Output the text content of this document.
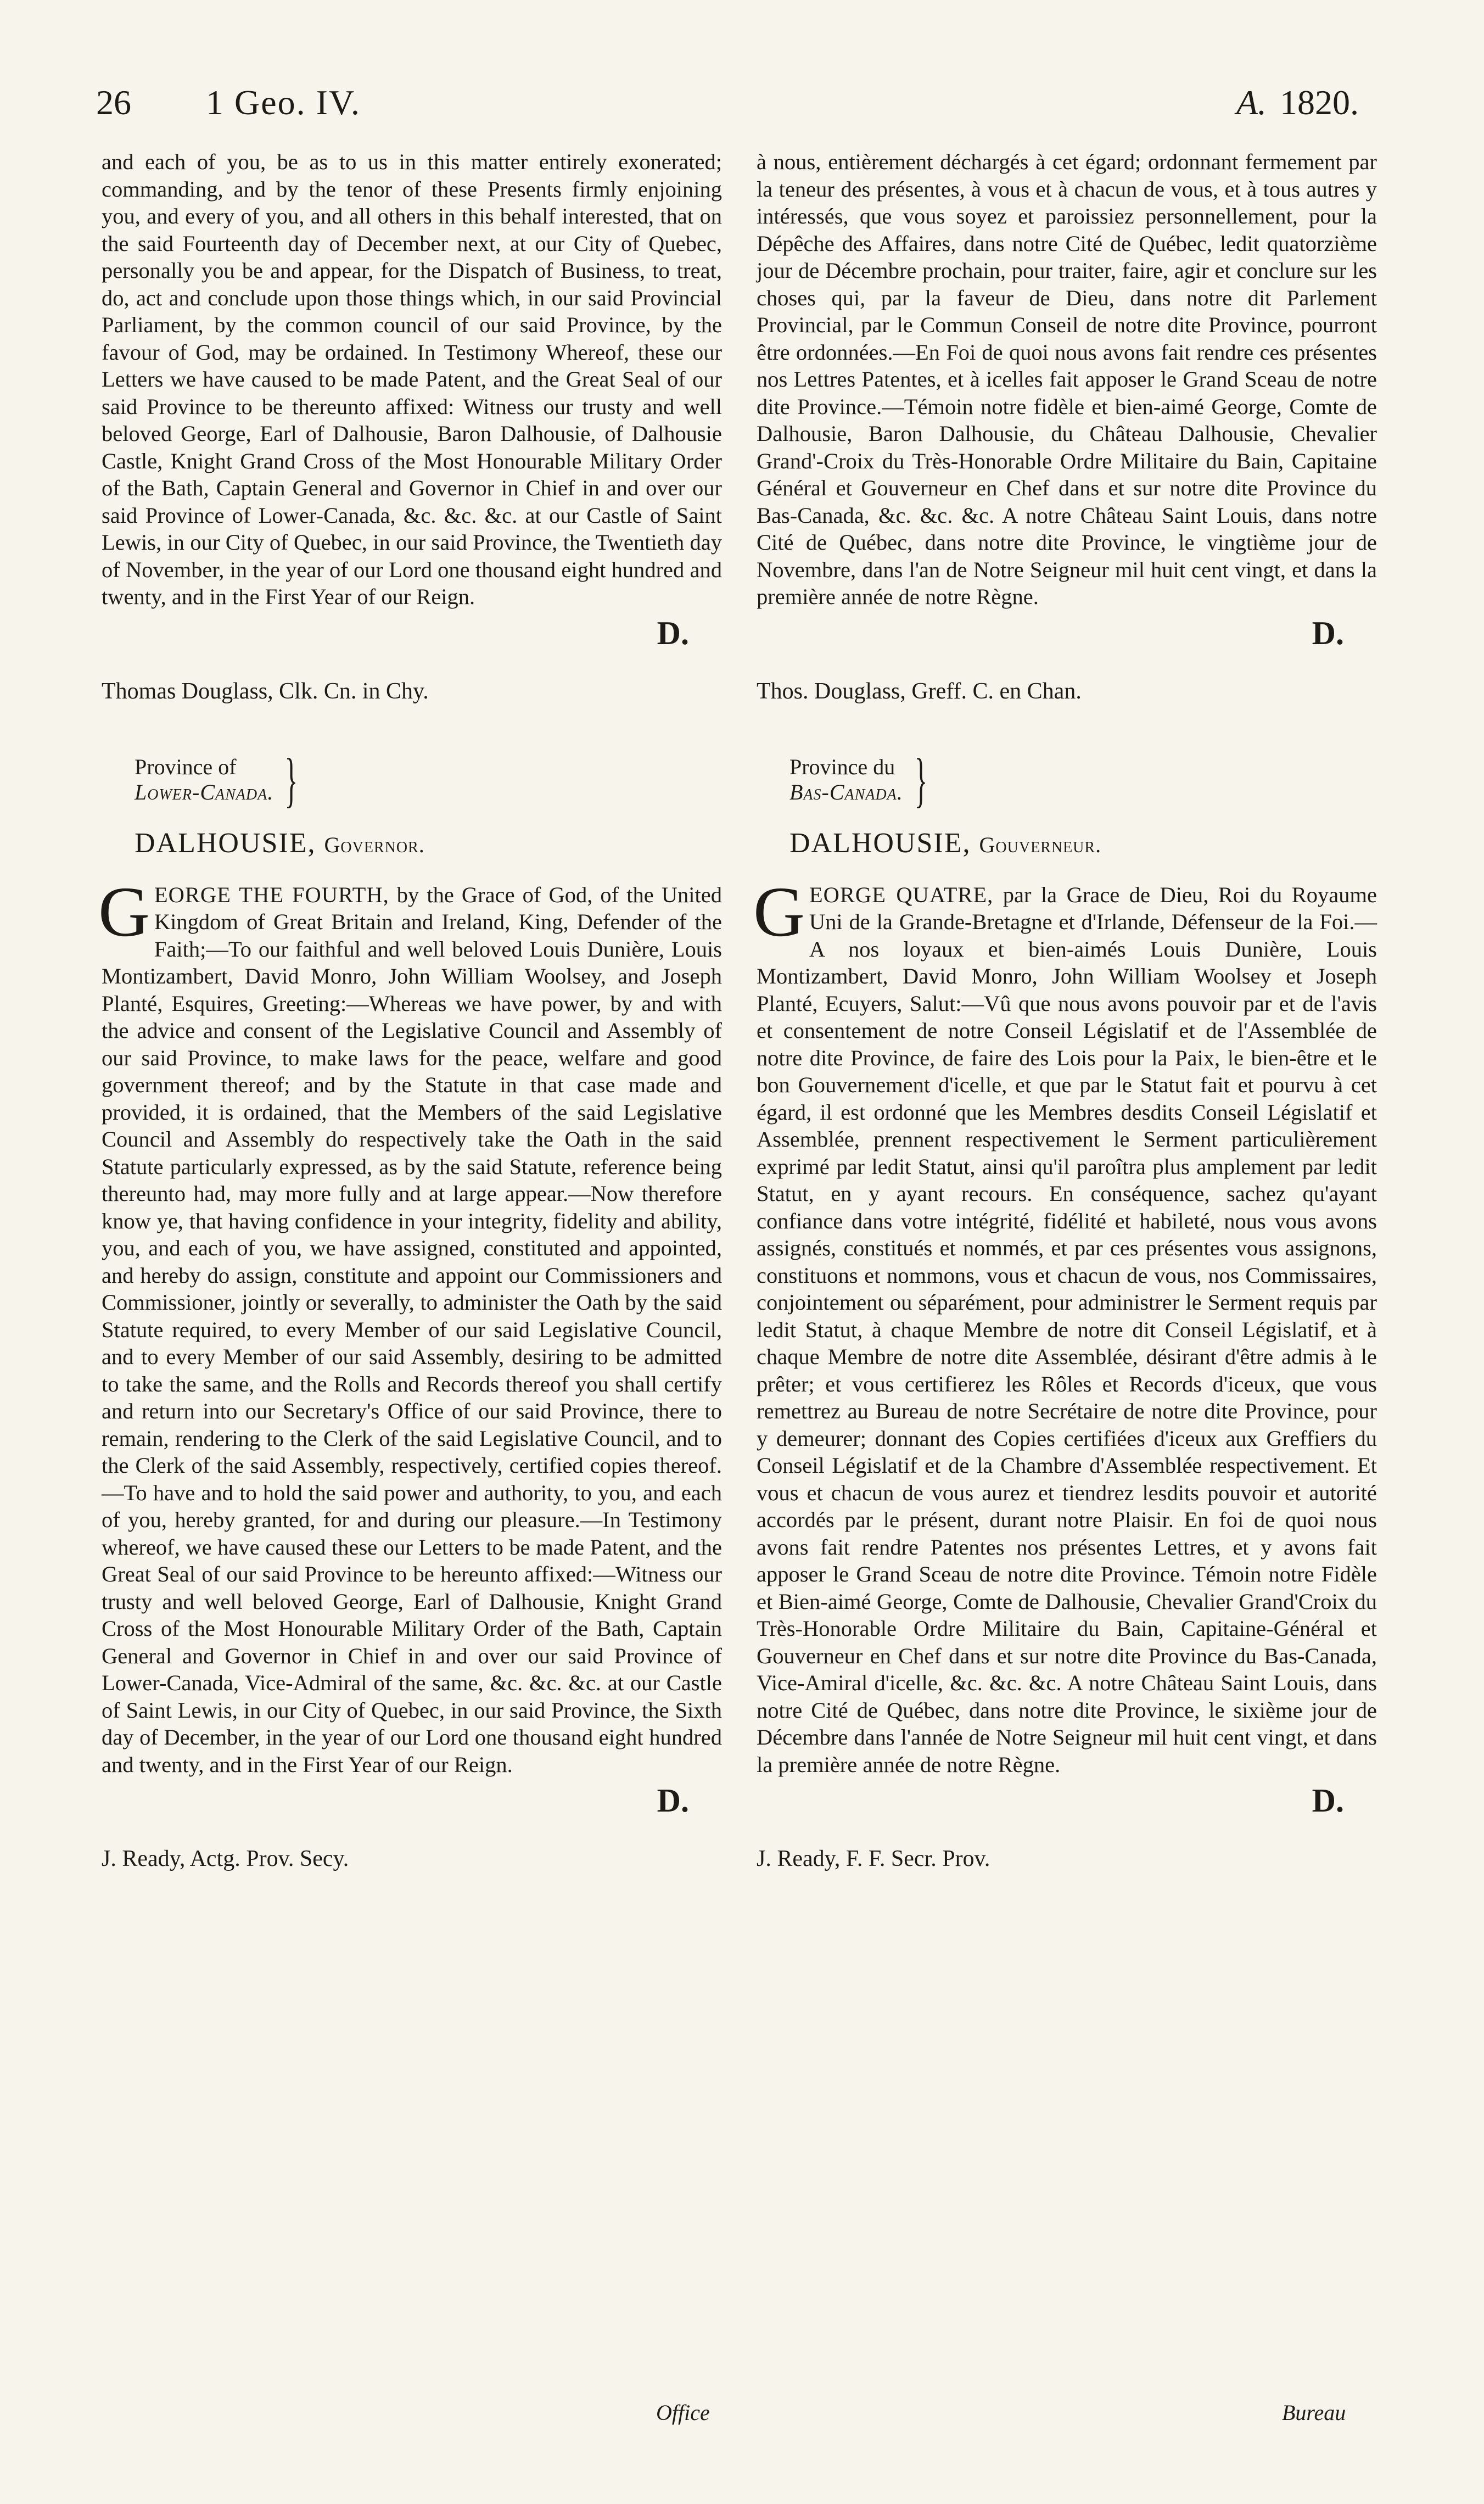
26 1 Geo. IV.	A. 1820.

and each of you, be as to us in this matter entirely exonerated; commanding, and by the tenor of these Presents firmly enjoining you, and every of you, and all others in this behalf interested, that on the said Fourteenth day of December next, at our City of Quebec, personally you be and appear, for the Dispatch of Business, to treat, do, act and conclude upon those things which, in our said Provincial Parliament, by the common council of our said Province, by the favour of God, may be ordained. In Testimony Whereof, these our Letters we have caused to be made Patent, and the Great Seal of our said Province to be thereunto affixed: Witness our trusty and well beloved George, Earl of Dalhousie, Baron Dalhousie, of Dalhousie Castle, Knight Grand Cross of the Most Honourable Military Order of the Bath, Captain General and Governor in Chief in and over our said Province of Lower-Canada, &c. &c. &c. at our Castle of Saint Lewis, in our City of Quebec, in our said Province, the Twentieth day of November, in the year of our Lord one thousand eight hundred and twenty, and in the First Year of our Reign.

D.
Thomas Douglass, Clk. Cn. in Chy.
Province of
Lower-Canada. }
DALHOUSIE, Governor.

GEORGE THE FOURTH, by the Grace of God, of the United Kingdom of Great Britain and Ireland, King, Defender of the Faith;—To our faithful and well beloved Louis Dunière, Louis Montizambert, David Monro, John William Woolsey, and Joseph Planté, Esquires, Greeting:—Whereas we have power, by and with the advice and consent of the Legislative Council and Assembly of our said Province, to make laws for the peace, welfare and good government thereof; and by the Statute in that case made and provided, it is ordained, that the Members of the said Legislative Council and Assembly do respectively take the Oath in the said Statute particularly expressed, as by the said Statute, reference being thereunto had, may more fully and at large appear.—Now therefore know ye, that having confidence in your integrity, fidelity and ability, you, and each of you, we have assigned, constituted and appointed, and hereby do assign, constitute and appoint our Commissioners and Commissioner, jointly or severally, to administer the Oath by the said Statute required, to every Member of our said Legislative Council, and to every Member of our said Assembly, desiring to be admitted to take the same, and the Rolls and Records thereof you shall certify and return into our Secretary's Office of our said Province, there to remain, rendering to the Clerk of the said Legislative Council, and to the Clerk of the said Assembly, respectively, certified copies thereof.—To have and to hold the said power and authority, to you, and each of you, hereby granted, for and during our pleasure.—In Testimony whereof, we have caused these our Letters to be made Patent, and the Great Seal of our said Province to be hereunto affixed:—Witness our trusty and well beloved George, Earl of Dalhousie, Knight Grand Cross of the Most Honourable Military Order of the Bath, Captain General and Governor in Chief in and over our said Province of Lower-Canada, Vice-Admiral of the same, &c. &c. &c. at our Castle of Saint Lewis, in our City of Quebec, in our said Province, the Sixth day of December, in the year of our Lord one thousand eight hundred and twenty, and in the First Year of our Reign.

D.
J. Ready, Actg. Prov. Secy.

à nous, entièrement déchargés à cet égard; ordonnant fermement par la teneur des présentes, à vous et à chacun de vous, et à tous autres y intéressés, que vous soyez et paroissiez personnellement, pour la Dépêche des Affaires, dans notre Cité de Québec, ledit quatorzième jour de Décembre prochain, pour traiter, faire, agir et conclure sur les choses qui, par la faveur de Dieu, dans notre dit Parlement Provincial, par le Commun Conseil de notre dite Province, pourront être ordonnées.—En Foi de quoi nous avons fait rendre ces présentes nos Lettres Patentes, et à icelles fait apposer le Grand Sceau de notre dite Province.—Témoin notre fidèle et bien-aimé George, Comte de Dalhousie, Baron Dalhousie, du Château Dalhousie, Chevalier Grand'-Croix du Très-Honorable Ordre Militaire du Bain, Capitaine Général et Gouverneur en Chef dans et sur notre dite Province du Bas-Canada, &c. &c. &c. A notre Château Saint Louis, dans notre Cité de Québec, dans notre dite Province, le vingtième jour de Novembre, dans l'an de Notre Seigneur mil huit cent vingt, et dans la première année de notre Règne.

D.
Thos. Douglass, Greff. C. en Chan.
Province du
Bas-Canada. }
DALHOUSIE, Gouverneur.

GEORGE QUATRE, par la Grace de Dieu, Roi du Royaume Uni de la Grande-Bretagne et d'Irlande, Défenseur de la Foi.—A nos loyaux et bien-aimés Louis Dunière, Louis Montizambert, David Monro, John William Woolsey et Joseph Planté, Ecuyers, Salut:—Vû que nous avons pouvoir par et de l'avis et consentement de notre Conseil Législatif et de l'Assemblée de notre dite Province, de faire des Lois pour la Paix, le bien-être et le bon Gouvernement d'icelle, et que par le Statut fait et pourvu à cet égard, il est ordonné que les Membres desdits Conseil Législatif et Assemblée, prennent respectivement le Serment particulièrement exprimé par ledit Statut, ainsi qu'il paroîtra plus amplement par ledit Statut, en y ayant recours. En conséquence, sachez qu'ayant confiance dans votre intégrité, fidélité et habileté, nous vous avons assignés, constitués et nommés, et par ces présentes vous assignons, constituons et nommons, vous et chacun de vous, nos Commissaires, conjointement ou séparément, pour administrer le Serment requis par ledit Statut, à chaque Membre de notre dit Conseil Législatif, et à chaque Membre de notre dite Assemblée, désirant d'être admis à le prêter; et vous certifierez les Rôles et Records d'iceux, que vous remettrez au Bureau de notre Secrétaire de notre dite Province, pour y demeurer; donnant des Copies certifiées d'iceux aux Greffiers du Conseil Législatif et de la Chambre d'Assemblée respectivement. Et vous et chacun de vous aurez et tiendrez lesdits pouvoir et autorité accordés par le présent, durant notre Plaisir. En foi de quoi nous avons fait rendre Patentes nos présentes Lettres, et y avons fait apposer le Grand Sceau de notre dite Province. Témoin notre Fidèle et Bien-aimé George, Comte de Dalhousie, Chevalier Grand'Croix du Très-Honorable Ordre Militaire du Bain, Capitaine-Général et Gouverneur en Chef dans et sur notre dite Province du Bas-Canada, Vice-Amiral d'icelle, &c. &c. &c. A notre Château Saint Louis, dans notre Cité de Québec, dans notre dite Province, le sixième jour de Décembre dans l'année de Notre Seigneur mil huit cent vingt, et dans la première année de notre Règne.

D.
J. Ready, F. F. Secr. Prov.
Office	Bureau
